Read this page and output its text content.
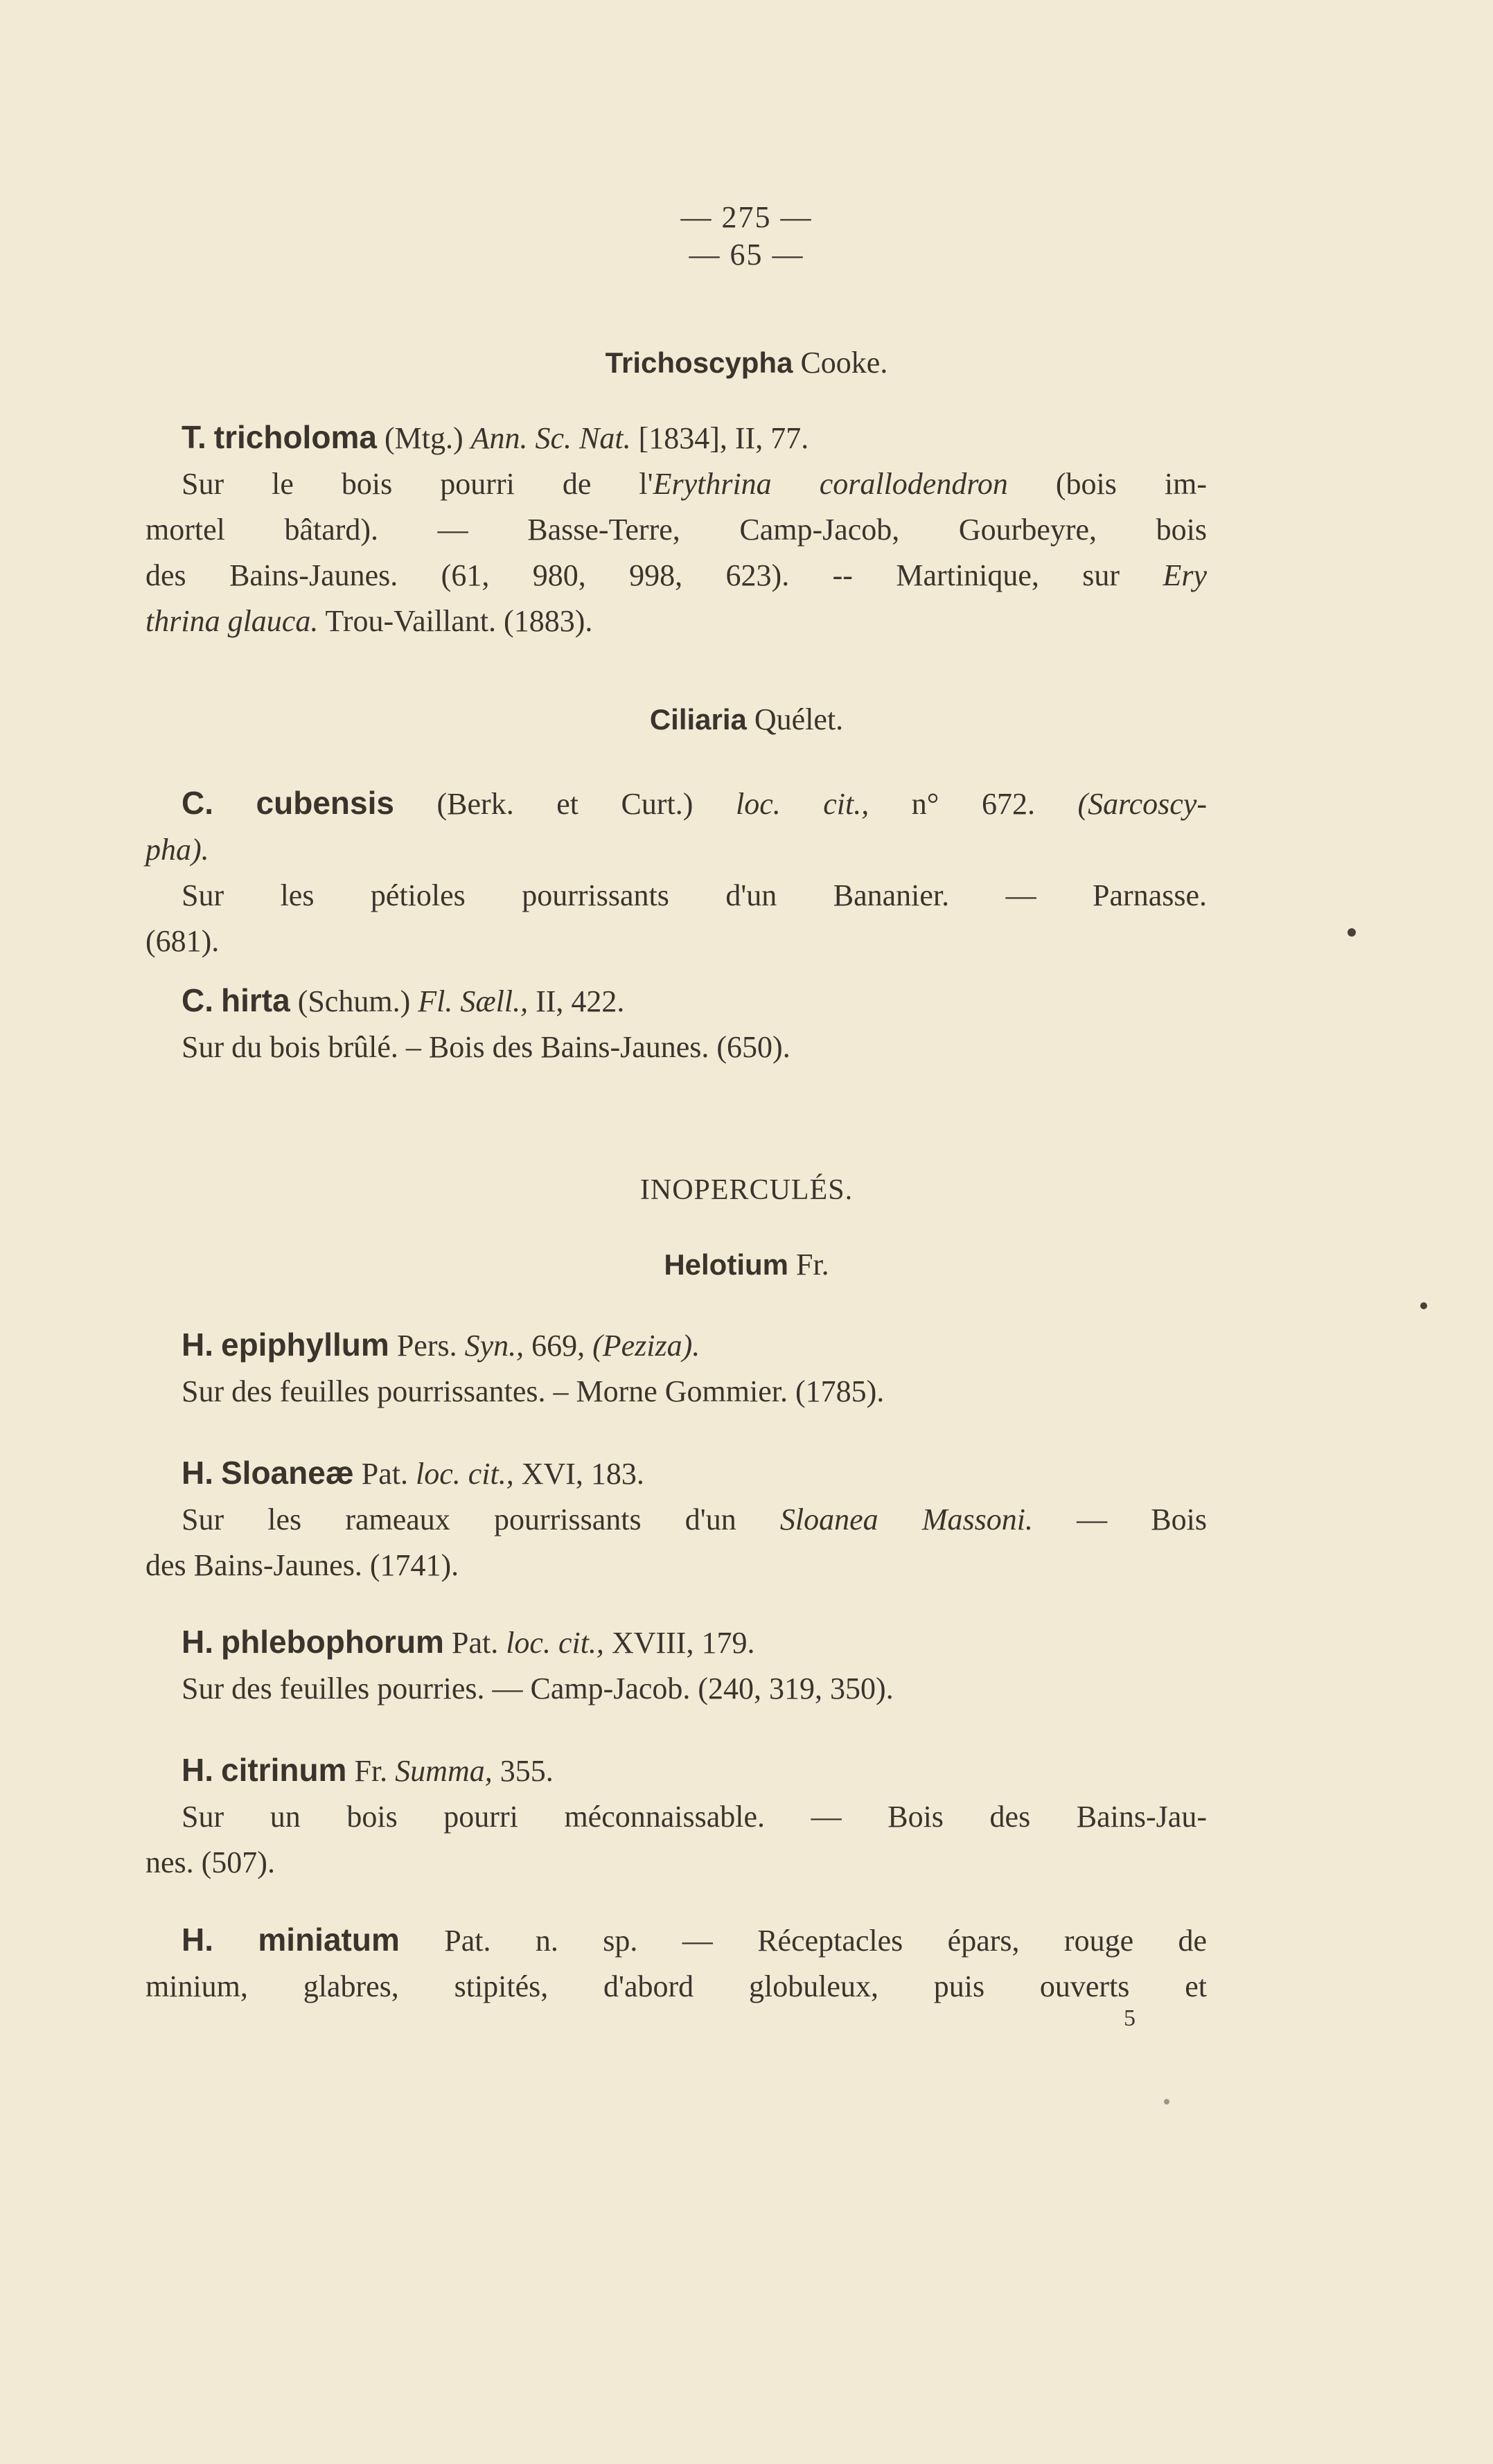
— 275 —
— 65 —
Trichoscypha Cooke.
T. tricholoma (Mtg.) Ann. Sc. Nat. [1834], II, 77.
Sur le bois pourri de l'Erythrina corallodendron (bois im-
mortel bâtard). — Basse-Terre, Camp-Jacob, Gourbeyre, bois
des Bains-Jaunes. (61, 980, 998, 623). -- Martinique, sur Ery
thrina glauca. Trou-Vaillant. (1883).
Ciliaria Quélet.
C. cubensis (Berk. et Curt.) loc. cit., n° 672. (Sarcoscy-
pha).
Sur les pétioles pourrissants d'un Bananier. — Parnasse.
(681).
C. hirta (Schum.) Fl. Sæll., II, 422.
Sur du bois brûlé. – Bois des Bains-Jaunes. (650).
INOPERCULÉS.
Helotium Fr.
H. epiphyllum Pers. Syn., 669, (Peziza).
Sur des feuilles pourrissantes. – Morne Gommier. (1785).
H. Sloaneæ Pat. loc. cit., XVI, 183.
Sur les rameaux pourrissants d'un Sloanea Massoni. — Bois
des Bains-Jaunes. (1741).
H. phlebophorum Pat. loc. cit., XVIII, 179.
Sur des feuilles pourries. — Camp-Jacob. (240, 319, 350).
H. citrinum Fr. Summa, 355.
Sur un bois pourri méconnaissable. — Bois des Bains-Jau-
nes. (507).
H. miniatum Pat. n. sp. — Réceptacles épars, rouge de
minium, glabres, stipités, d'abord globuleux, puis ouverts et
5
